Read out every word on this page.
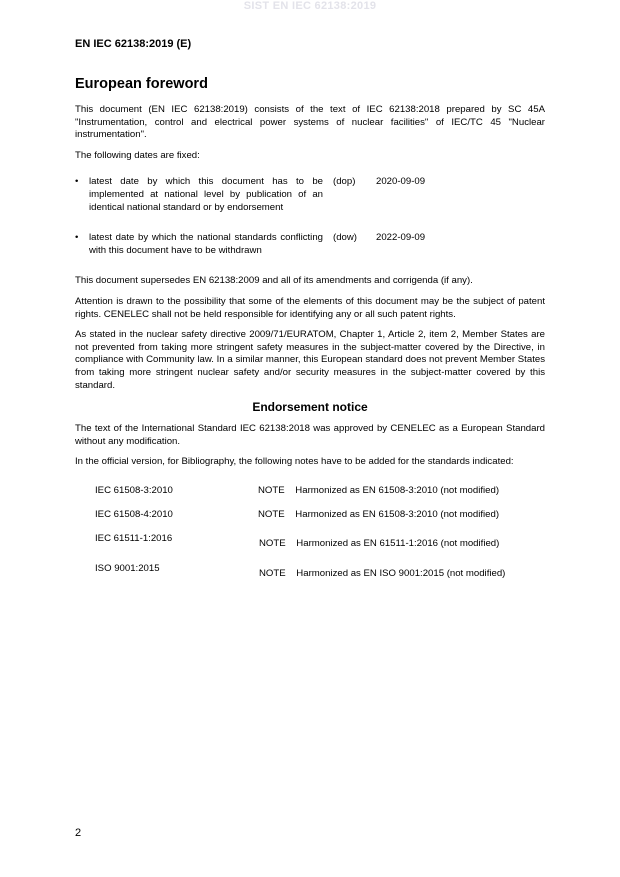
SIST EN IEC 62138:2019
EN IEC 62138:2019 (E)
European foreword

This document (EN IEC 62138:2019) consists of the text of IEC 62138:2018 prepared by SC 45A "Instrumentation, control and electrical power systems of nuclear facilities" of IEC/TC 45 "Nuclear instrumentation".

The following dates are fixed:

•	latest date by which this document has to be implemented at national level by publication of an identical national standard or by endorsement
(dop)	2020-09-09
•	latest date by which the national standards conflicting with this document have to be withdrawn
(dow)	2022-09-09

This document supersedes EN 62138:2009 and all of its amendments and corrigenda (if any).

Attention is drawn to the possibility that some of the elements of this document may be the subject of patent rights. CENELEC shall not be held responsible for identifying any or all such patent rights.

As stated in the nuclear safety directive 2009/71/EURATOM, Chapter 1, Article 2, item 2, Member States are not prevented from taking more stringent safety measures in the subject-matter covered by the Directive, in compliance with Community law. In a similar manner, this European standard does not prevent Member States from taking more stringent nuclear safety and/or security measures in the subject-matter covered by this standard.

Endorsement notice

The text of the International Standard IEC 62138:2018 was approved by CENELEC as a European Standard without any modification.

In the official version, for Bibliography, the following notes have to be added for the standards indicated:

IEC 61508-3:2010	NOTE    Harmonized as EN 61508-3:2010 (not modified)
IEC 61508-4:2010	NOTE    Harmonized as EN 61508-3:2010 (not modified)
IEC 61511-1:2016	NOTE    Harmonized as EN 61511-1:2016 (not modified)
ISO 9001:2015	NOTE    Harmonized as EN ISO 9001:2015 (not modified)
2
